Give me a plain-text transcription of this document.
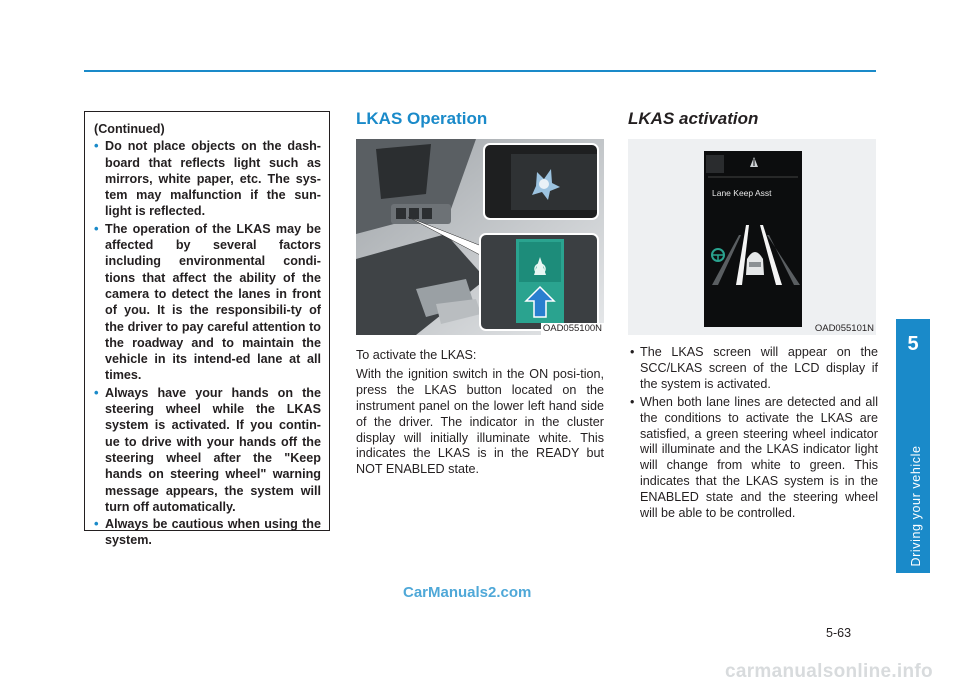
(Continued)

• Do not place objects on the dash-board that reflects light such as mirrors, white paper, etc. The sys-tem may malfunction if the sun-light is reflected.
• The operation of the LKAS may be affected by several factors including environmental condi-tions that affect the ability of the camera to detect the lanes in front of you. It is the responsibili-ty of the driver to pay careful attention to the roadway and to maintain the vehicle in its intend-ed lane at all times.
• Always have your hands on the steering wheel while the LKAS system is activated. If you contin-ue to drive with your hands off the steering wheel after the "Keep hands on steering wheel" warning message appears, the system will turn off automatically.
• Always be cautious when using the system.
LKAS Operation
OAD055100N

To activate the LKAS:

With the ignition switch in the ON posi-tion, press the LKAS button located on the instrument panel on the lower left hand side of the driver. The indicator in the cluster display will initially illuminate white. This indicates the LKAS is in the READY but NOT ENABLED state.

LKAS activation
Lane Keep Asst
OAD055101N
• The LKAS screen will appear on the SCC/LKAS screen of the LCD display if the system is activated.
• When both lane lines are detected and all the conditions to activate the LKAS are satisfied, a green steering wheel indicator will illuminate and the LKAS indicator light will change from white to green. This indicates that the LKAS system is in the ENABLED state and the steering wheel will be able to be controlled.
5
Driving your vehicle
5-63
CarManuals2.com
carmanualsonline.info
